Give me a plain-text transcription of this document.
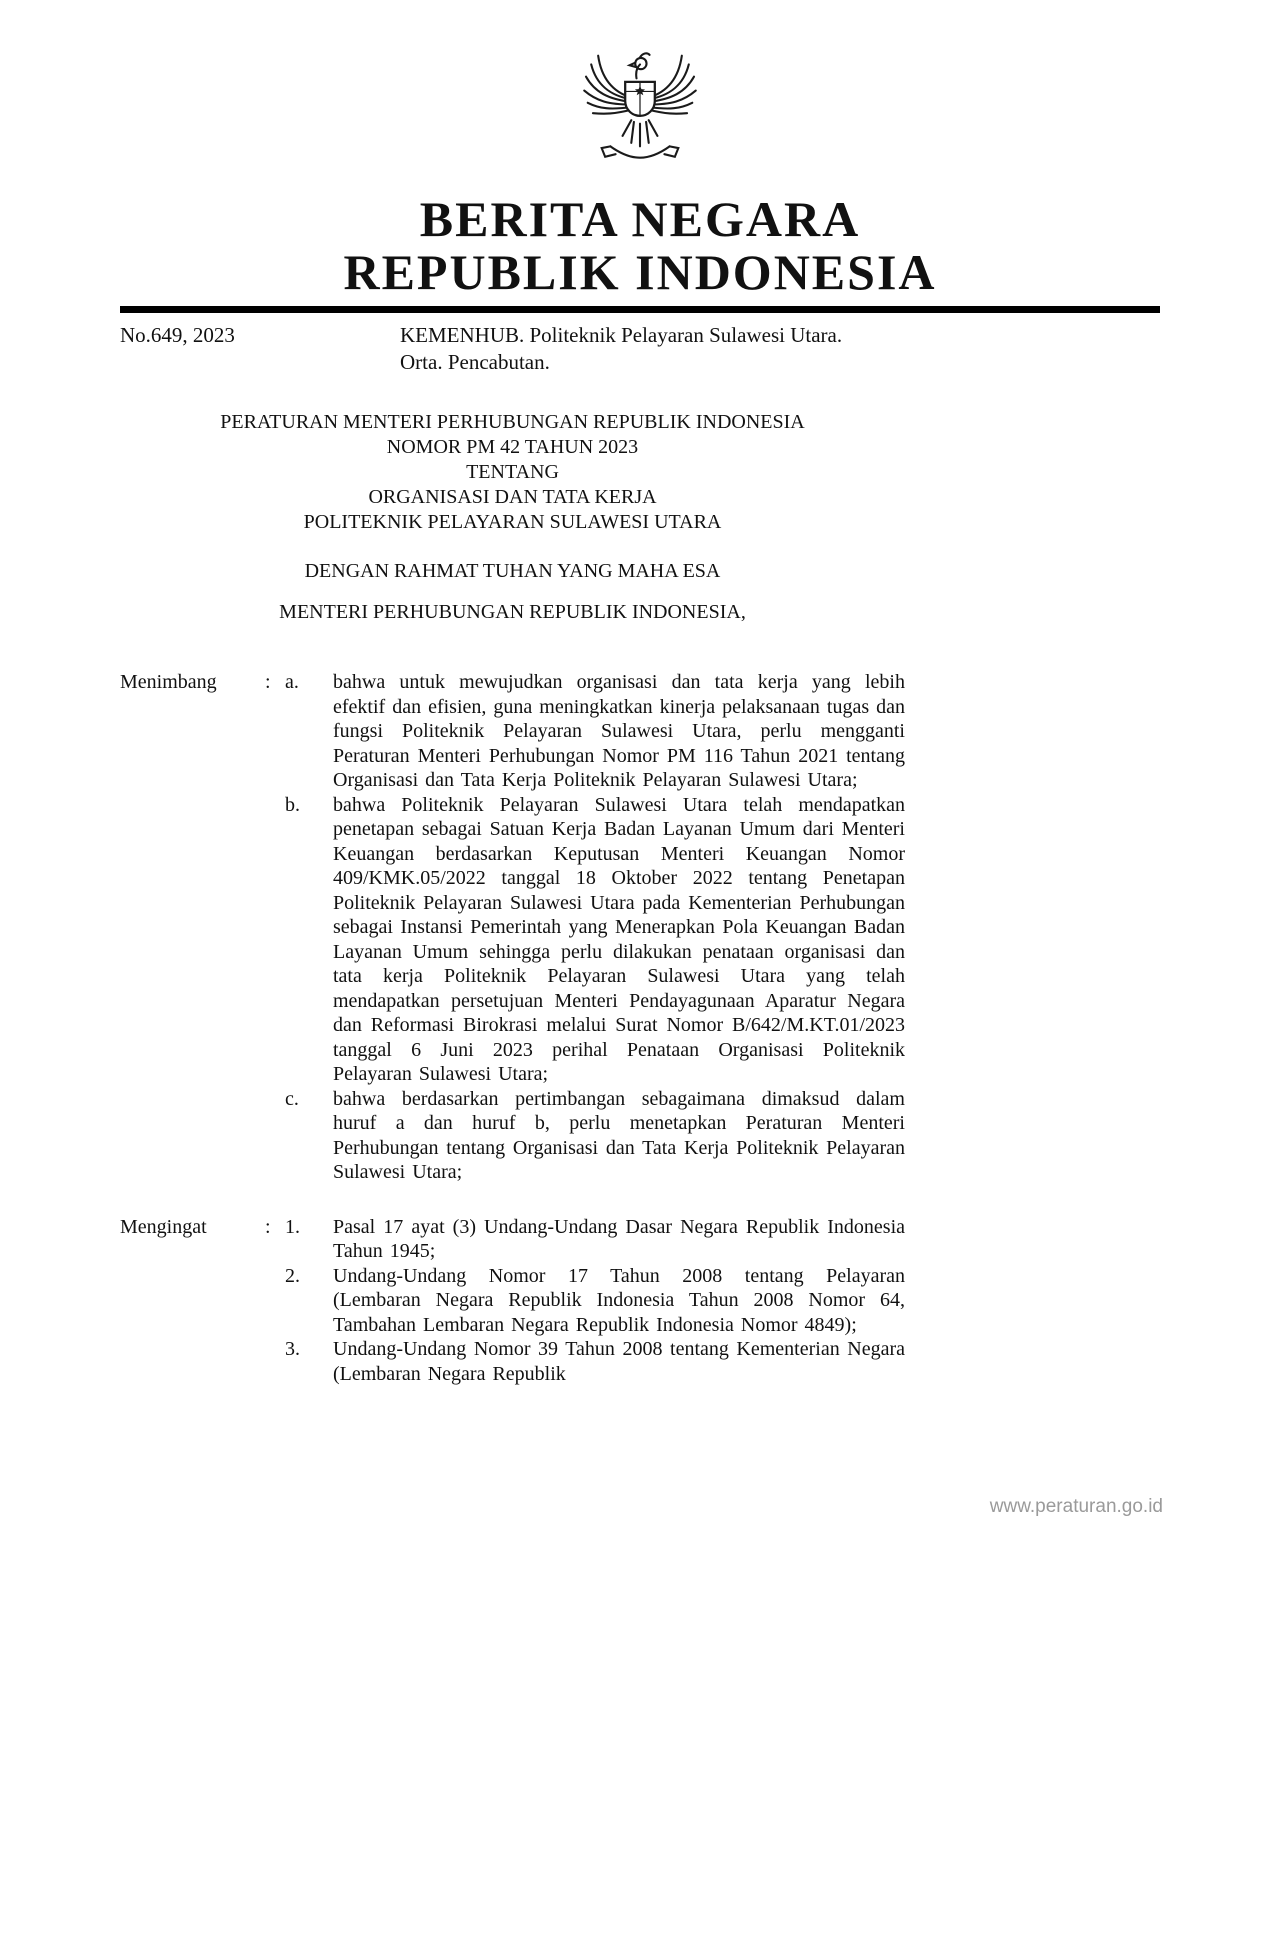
BERITA NEGARA
REPUBLIK INDONESIA
No.649, 2023	KEMENHUB. Politeknik Pelayaran Sulawesi Utara.
Orta. Pencabutan.
PERATURAN MENTERI PERHUBUNGAN REPUBLIK INDONESIA
NOMOR PM 42 TAHUN 2023
TENTANG
ORGANISASI DAN TATA KERJA
POLITEKNIK PELAYARAN SULAWESI UTARA
DENGAN RAHMAT TUHAN YANG MAHA ESA
MENTERI PERHUBUNGAN REPUBLIK INDONESIA,
Menimbang	: a.	bahwa untuk mewujudkan organisasi dan tata kerja yang lebih efektif dan efisien, guna meningkatkan kinerja pelaksanaan tugas dan fungsi Politeknik Pelayaran Sulawesi Utara, perlu mengganti Peraturan Menteri Perhubungan Nomor PM 116 Tahun 2021 tentang Organisasi dan Tata Kerja Politeknik Pelayaran Sulawesi Utara;
b.	bahwa Politeknik Pelayaran Sulawesi Utara telah mendapatkan penetapan sebagai Satuan Kerja Badan Layanan Umum dari Menteri Keuangan berdasarkan Keputusan Menteri Keuangan Nomor 409/KMK.05/2022 tanggal 18 Oktober 2022 tentang Penetapan Politeknik Pelayaran Sulawesi Utara pada Kementerian Perhubungan sebagai Instansi Pemerintah yang Menerapkan Pola Keuangan Badan Layanan Umum sehingga perlu dilakukan penataan organisasi dan tata kerja Politeknik Pelayaran Sulawesi Utara yang telah mendapatkan persetujuan Menteri Pendayagunaan Aparatur Negara dan Reformasi Birokrasi melalui Surat Nomor B/642/M.KT.01/2023 tanggal 6 Juni 2023 perihal Penataan Organisasi Politeknik Pelayaran Sulawesi Utara;
c.	bahwa berdasarkan pertimbangan sebagaimana dimaksud dalam huruf a dan huruf b, perlu menetapkan Peraturan Menteri Perhubungan tentang Organisasi dan Tata Kerja Politeknik Pelayaran Sulawesi Utara;
Mengingat	: 1.	Pasal 17 ayat (3) Undang-Undang Dasar Negara Republik Indonesia Tahun 1945;
2.	Undang-Undang Nomor 17 Tahun 2008 tentang Pelayaran (Lembaran Negara Republik Indonesia Tahun 2008 Nomor 64, Tambahan Lembaran Negara Republik Indonesia Nomor 4849);
3.	Undang-Undang Nomor 39 Tahun 2008 tentang Kementerian Negara (Lembaran Negara Republik
www.peraturan.go.id
